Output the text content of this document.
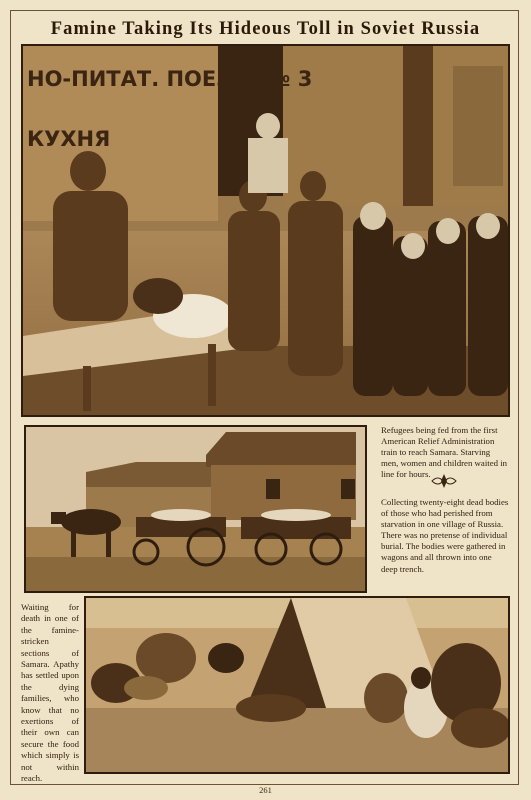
Famine Taking Its Hideous Toll in Soviet Russia
НО-ПИТАТ. ПОЕЗД. № 3
КУХНЯ
Refugees being fed from the first American Relief Administration train to reach Samara. Starving men, women and children waited in line for hours.
Collecting twenty-eight dead bodies of those who had perished from starvation in one village of Russia. There was no pretense of individual burial. The bodies were gathered in wagons and all thrown into one deep trench.
Waiting for death in one of the famine-stricken sections of Samara. Apathy has settled upon the dying families, who know that no exertions of their own can secure the food which simply is not within reach.
261
